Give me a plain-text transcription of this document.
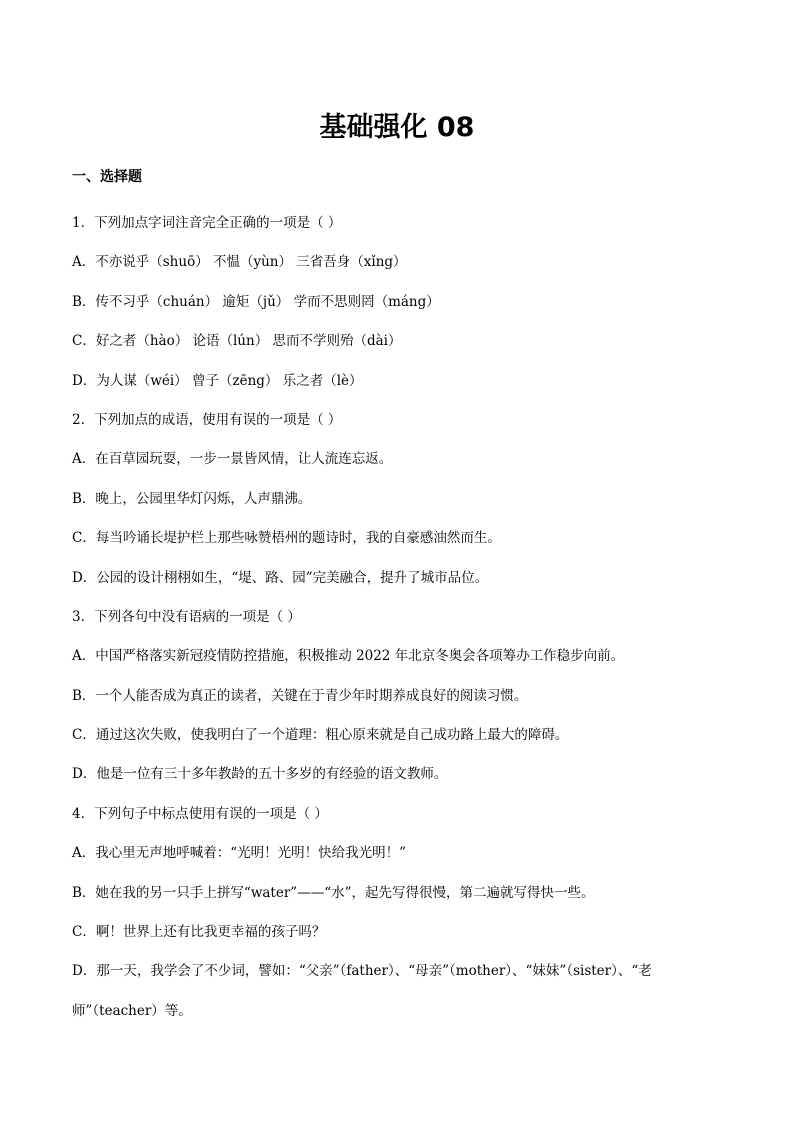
基础强化 08
一、选择题

1．下列加点字词注音完全正确的一项是（ ）

A．不亦说乎（shuō） 不愠（yùn） 三省吾身（xǐng）

B．传不习乎（chuán） 逾矩（jǔ） 学而不思则罔（máng）

C．好之者（hào） 论语（lún） 思而不学则殆（dài）

D．为人谋（wéi） 曾子（zēng） 乐之者（lè）

2．下列加点的成语，使用有误的一项是（ ）

A．在百草园玩耍，一步一景皆风情，让人流连忘返。

B．晚上，公园里华灯闪烁，人声鼎沸。

C．每当吟诵长堤护栏上那些咏赞梧州的题诗时，我的自豪感油然而生。

D．公园的设计栩栩如生，“堤、路、园”完美融合，提升了城市品位。

3．下列各句中没有语病的一项是（ ）

A．中国严格落实新冠疫情防控措施，积极推动 2022 年北京冬奥会各项筹办工作稳步向前。

B．一个人能否成为真正的读者，关键在于青少年时期养成良好的阅读习惯。

C．通过这次失败，使我明白了一个道理：粗心原来就是自己成功路上最大的障碍。

D．他是一位有三十多年教龄的五十多岁的有经验的语文教师。

4．下列句子中标点使用有误的一项是（ ）

A．我心里无声地呼喊着：“光明！光明！快给我光明！”

B．她在我的另一只手上拼写“water”——“水”，起先写得很慢，第二遍就写得快一些。

C．啊！世界上还有比我更幸福的孩子吗？

D．那一天，我学会了不少词，譬如：“父亲”（father）、“母亲”（mother）、“妹妹”（sister）、“老师”（teacher）等。
